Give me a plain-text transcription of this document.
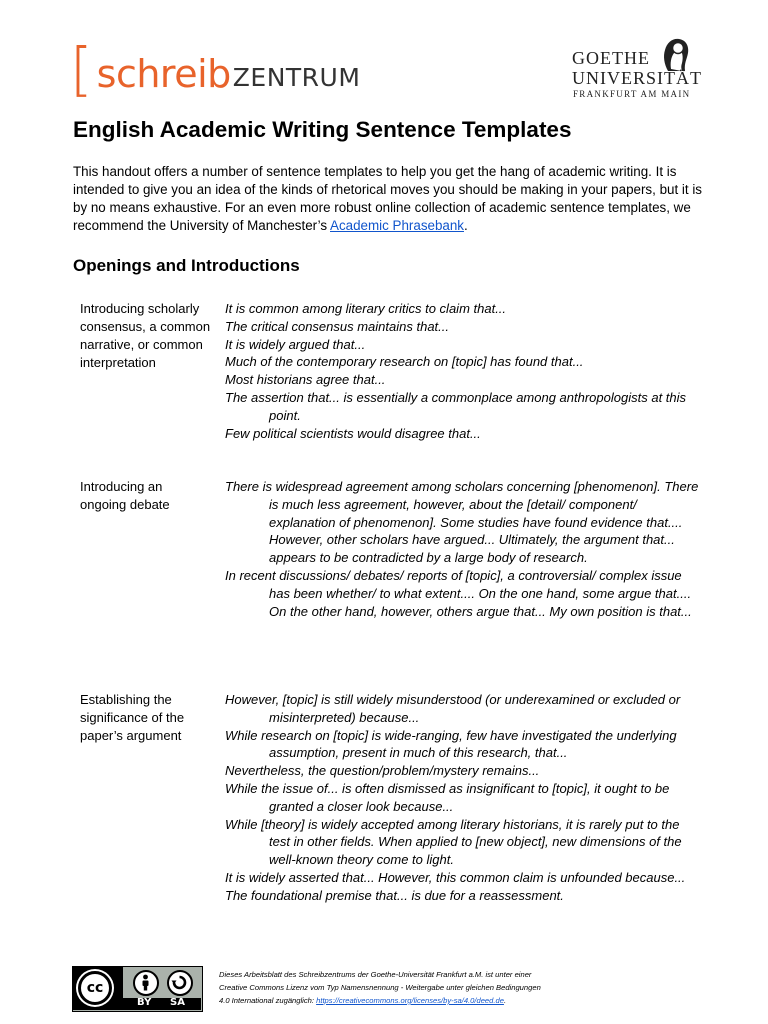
[ schreib ZENTRUM
GOETHE
UNIVERSITÄT
FRANKFURT AM MAIN
English Academic Writing Sentence Templates
This handout offers a number of sentence templates to help you get the hang of academic writing. It is intended to give you an idea of the kinds of rhetorical moves you should be making in your papers, but it is by no means exhaustive. For an even more robust online collection of academic sentence templates, we recommend the University of Manchester’s Academic Phrasebank.
Openings and Introductions
Introducing scholarly consensus, a common narrative, or common interpretation

It is common among literary critics to claim that...

The critical consensus maintains that...

It is widely argued that...

Much of the contemporary research on [topic] has found that...

Most historians agree that...

The assertion that... is essentially a commonplace among anthropologists at this point.

Few political scientists would disagree that...

Introducing an ongoing debate

There is widespread agreement among scholars concerning [phenomenon]. There is much less agreement, however, about the [detail/ component/ explanation of phenomenon]. Some studies have found evidence that.... However, other scholars have argued... Ultimately, the argument that... appears to be contradicted by a large body of research.

In recent discussions/ debates/ reports of [topic], a controversial/ complex issue has been whether/ to what extent.... On the one hand, some argue that.... On the other hand, however, others argue that... My own position is that...

Establishing the significance of the paper’s argument

However, [topic] is still widely misunderstood (or underexamined or excluded or misinterpreted) because...

While research on [topic] is wide-ranging, few have investigated the underlying assumption, present in much of this research, that...

Nevertheless, the question/problem/mystery remains...

While the issue of... is often dismissed as insignificant to [topic], it ought to be granted a closer look because...

While [theory] is widely accepted among literary historians, it is rarely put to the test in other fields. When applied to [new object], new dimensions of the well-known theory come to light.

It is widely asserted that... However, this common claim is unfounded because...

The foundational premise that... is due for a reassessment.

cc
BY SA
Dieses Arbeitsblatt des Schreibzentrums der Goethe-Universität Frankfurt a.M. ist unter einer
Creative Commons Lizenz vom Typ Namensnennung - Weitergabe unter gleichen Bedingungen
4.0 International zugänglich: https://creativecommons.org/licenses/by-sa/4.0/deed.de.
